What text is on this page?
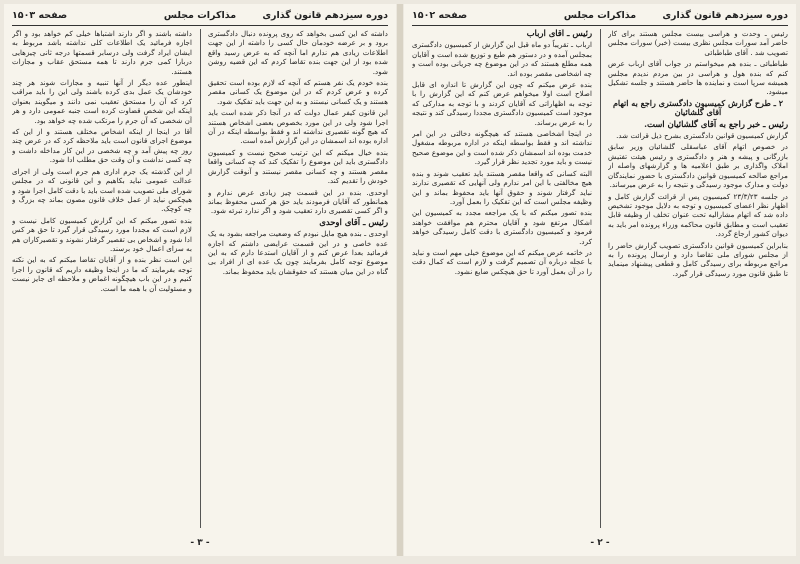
صفحه ۱۵۰۳	مذاکرات مجلس	دوره سیزدهم قانون گذاری

داشته که این کسی بخواهد که روی پرونده دنبال دادگستری برود و بر عرضه خودمان حال کسی را داشته از این جهت اطلاعات زیادی هم ندارم اما آنچه که به عرض رسید واقع شده بود از این جهت بنده تقاضا کردم که این قضیه روشن شود.

بنده خودم یک نفر هستم که آنچه که لازم بوده است تحقیق کرده و عرض کردم که در این موضوع یک کسانی مقصر هستند و یک کسانی نیستند و به این جهت باید تفکیک شود.

این قانون کیفر عمال دولت که در آنجا ذکر شده است باید اجرا شود ولی در این مورد بخصوص بعضی اشخاص هستند که هیچ گونه تقصیری نداشته اند و فقط بواسطه اینکه در آن اداره بوده اند اسمشان در این گزارش آمده است.

بنده خیال میکنم که این ترتیب صحیح نیست و کمیسیون دادگستری باید این موضوع را تفکیک کند که چه کسانی واقعا مقصر هستند و چه کسانی مقصر نیستند و آنوقت گزارش خودش را تقدیم کند.

اوحدی. بنده در این قسمت چیز زیادی عرض ندارم و همانطور که آقایان فرمودند باید حق هر کسی محفوظ بماند و اگر کسی تقصیری دارد تعقیب شود و اگر ندارد تبرئه شود.

رئیس ـ آقای اوحدی

اوحدی ـ بنده هیچ مایل نبودم که وضعیت مراجعه بشود به یک عده خاصی و در این قسمت عرایضی داشتم که اجازه فرمائید بعدا عرض کنم و از آقایان استدعا دارم که به این موضوع توجه کامل بفرمایند چون یک عده ای از افراد بی گناه در این میان هستند که حقوقشان باید محفوظ بماند.

داشته باشند و اگر دارند اشتباها خیلی کم خواهد بود و اگر اجازه فرمائید یک اطلاعات کلی نداشته باشد مربوط به ایشان ایراد گرفت ولی درسابر قسمتها درجه ثانی چیزهایی دربارا کمی جرم دارند تا همه مستحق عقاب و مجازات هستند.

اینطور عده دیگر از آنها تنبیه و مجازات شوند هر چند خودشان یک عمل بدی کرده باشند ولی این را باید مراقب کرد که آن را مستحق تعقیب نمی دانند و میگویند بعنوان اینکه این شخص قضاوت کرده است جنبه عمومی دارد و هر آن شخصی که آن جرم را مرتکب شده چه خواهد بود.

آقا در اینجا از اینکه اشخاص مختلف هستند و از این که موضوع اجرای قانون است باید ملاحظه کرد که در عرض چند روز چه پیش آمد و چه شخصی در این کار مداخله داشت و چه کسی نداشت و آن وقت حق مطلب ادا شود.

از این گذشته یک جرم اداری هم جرم است ولی از اجرای عدالت عمومی نباید بکاهیم و این قانونی که در مجلس شورای ملی تصویب شده است باید با دقت کامل اجرا شود و هیچکس نباید از عمل خلاف قانون مصون بماند چه بزرگ و چه کوچک.

بنده تصور میکنم که این گزارش کمیسیون کامل نیست و لازم است که مجددا مورد رسیدگی قرار گیرد تا حق هر کس ادا شود و اشخاص بی تقصیر گرفتار نشوند و تقصیرکاران هم به سزای اعمال خود برسند.

این است نظر بنده و از آقایان تقاضا میکنم که به این نکته توجه بفرمایند که ما در اینجا وظیفه داریم که قانون را اجرا کنیم و در این باب هیچگونه اغماض و ملاحظه ای جایز نیست و مسئولیت آن با همه ما است.

- ۳ -
صفحه ۱۵۰۲	مذاکرات مجلس	دوره سیزدهم قانون گذاری

رئیس ـ وحدت و هراسی بیست مجلس هستند برای کار حاضر آمد سورات مجلس نظری بیست (خبر) سورات مجلس تصویب شد . آقای طباطبائی

طباطبائی ـ بنده هم میخواستم در جواب آقای ارباب عرض کنم که بنده هول و هراسی در بین مردم ندیدم مجلس همیشه سرپا است و نماینده ها حاضر هستند و جلسه تشکیل میشود.

۲ ـ طرح گزارش کمیسیون دادگستری راجع به اتهام آقای گلشائیان

رئیس ـ خبر راجع به آقای گلشائیان است.

گزارش کمیسیون قوانین دادگستری بشرح ذیل قرائت شد.

در خصوص اتهام آقای عباسقلی گلشائیان وزیر سابق بازرگانی و پیشه و هنر و دادگستری و رئیس هیئت تفتیش املاک واگذاری بر طبق اعلامیه ها و گزارشهای واصله از مراجع صالحه کمیسیون قوانین دادگستری با حضور نمایندگان دولت و مدارک موجود رسیدگی و نتیجه را به عرض میرساند.

در جلسه ۲۳/۳/۲۳ کمیسیون پس از قرائت گزارش کامل و اظهار نظر اعضای کمیسیون و توجه به دلایل موجود تشخیص داده شد که اتهام مشارالیه تحت عنوان تخلف از وظیفه قابل تعقیب است و مطابق قانون محاکمه وزراء پرونده امر باید به دیوان کشور ارجاع گردد.

بنابراین کمیسیون قوانین دادگستری تصویب گزارش حاضر را از مجلس شورای ملی تقاضا دارد و ارسال پرونده را به مراجع مربوطه برای رسیدگی کامل و قطعی پیشنهاد مینماید تا طبق قانون مورد رسیدگی قرار گیرد.

رئیس ـ آقای ارباب

ارباب ـ تقریباً دو ماه قبل این گزارش از کمیسیون دادگستری بمجلس آمده و در دستور هم طبع و توزیع شده است و آقایان همه مطلع هستند که در این موضوع چه جریانی بوده است و چه اشخاصی مقصر بوده اند.

بنده عرض میکنم که چون این گزارش تا اندازه ای قابل اصلاح است اولا میخواهم عرض کنم که این گزارش را با توجه به اظهاراتی که آقایان کردند و با توجه به مدارکی که موجود است کمیسیون دادگستری مجددا رسیدگی کند و نتیجه را به عرض برساند.

در اینجا اشخاصی هستند که هیچگونه دخالتی در این امر نداشته اند و فقط بواسطه اینکه در اداره مربوطه مشغول خدمت بوده اند اسمشان ذکر شده است و این موضوع صحیح نیست و باید مورد تجدید نظر قرار گیرد.

البته کسانی که واقعا مقصر هستند باید تعقیب شوند و بنده هیچ مخالفتی با این امر ندارم ولی آنهایی که تقصیری ندارند نباید گرفتار شوند و حقوق آنها باید محفوظ بماند و این وظیفه مجلس است که این تفکیک را بعمل آورد.

بنده تصور میکنم که با یک مراجعه مجدد به کمیسیون این اشکال مرتفع شود و آقایان محترم هم موافقت خواهند فرمود و کمیسیون دادگستری با دقت کامل رسیدگی خواهد کرد.

در خاتمه عرض میکنم که این موضوع خیلی مهم است و نباید با عجله درباره آن تصمیم گرفت و لازم است که کمال دقت را در آن بعمل آورد تا حق هیچکس ضایع نشود.

- ۲ -
